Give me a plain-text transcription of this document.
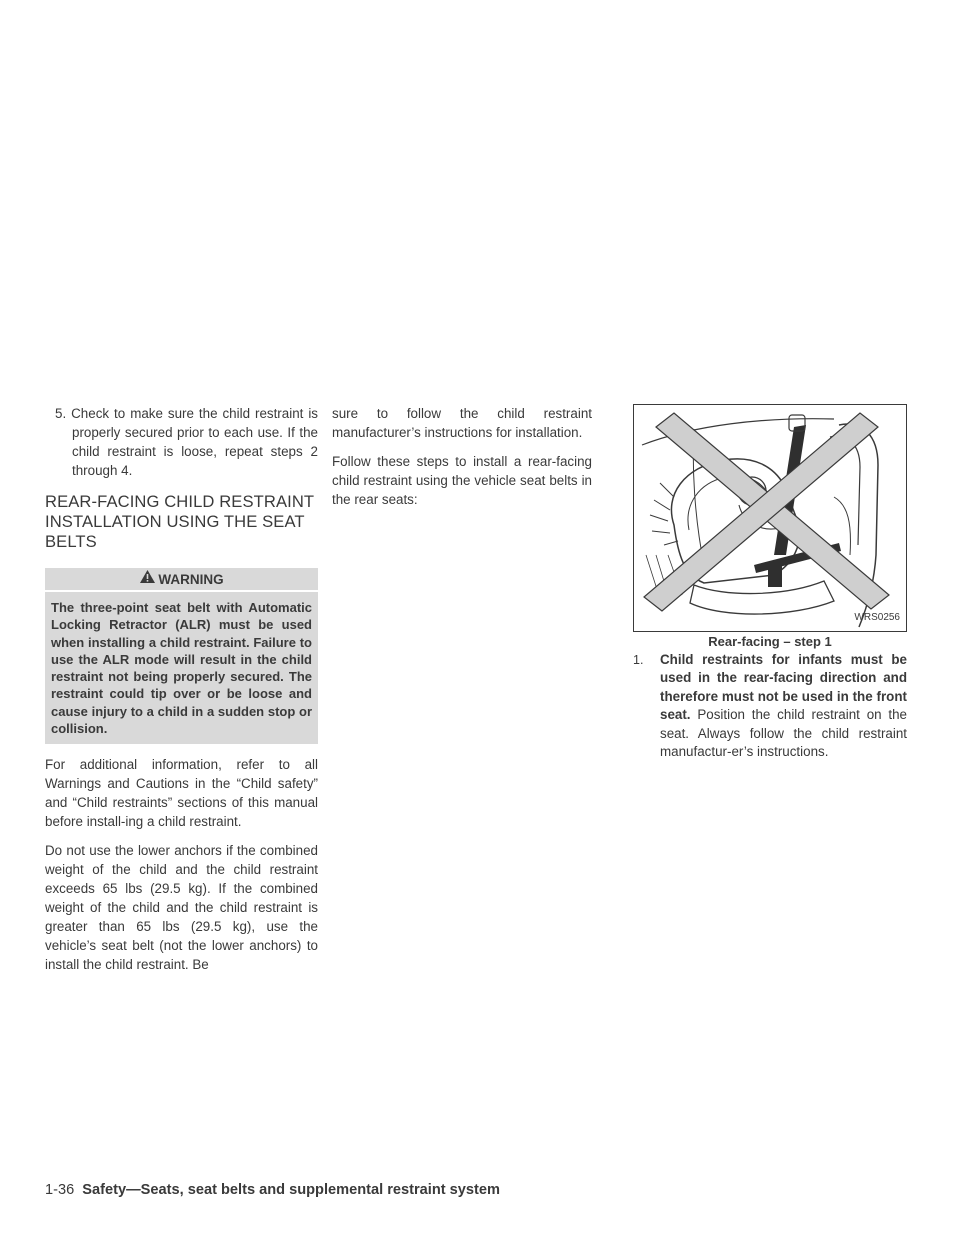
5. Check to make sure the child restraint is properly secured prior to each use. If the child restraint is loose, repeat steps 2 through 4.
REAR-FACING CHILD RESTRAINT INSTALLATION USING THE SEAT BELTS
WARNING
The three-point seat belt with Automatic Locking Retractor (ALR) must be used when installing a child restraint. Failure to use the ALR mode will result in the child restraint not being properly secured. The restraint could tip over or be loose and cause injury to a child in a sudden stop or collision.

For additional information, refer to all Warnings and Cautions in the “Child safety” and “Child restraints” sections of this manual before install-ing a child restraint.

Do not use the lower anchors if the combined weight of the child and the child restraint exceeds 65 lbs (29.5 kg). If the combined weight of the child and the child restraint is greater than 65 lbs (29.5 kg), use the vehicle’s seat belt (not the lower anchors) to install the child restraint. Be

sure to follow the child restraint manufacturer’s instructions for installation.

Follow these steps to install a rear-facing child restraint using the vehicle seat belts in the rear seats:

WRS0256
Rear-facing – step 1
1. Child restraints for infants must be used in the rear-facing direction and therefore must not be used in the front seat. Position the child restraint on the seat. Always follow the child restraint manufactur-er’s instructions.
1-36 Safety—Seats, seat belts and supplemental restraint system
